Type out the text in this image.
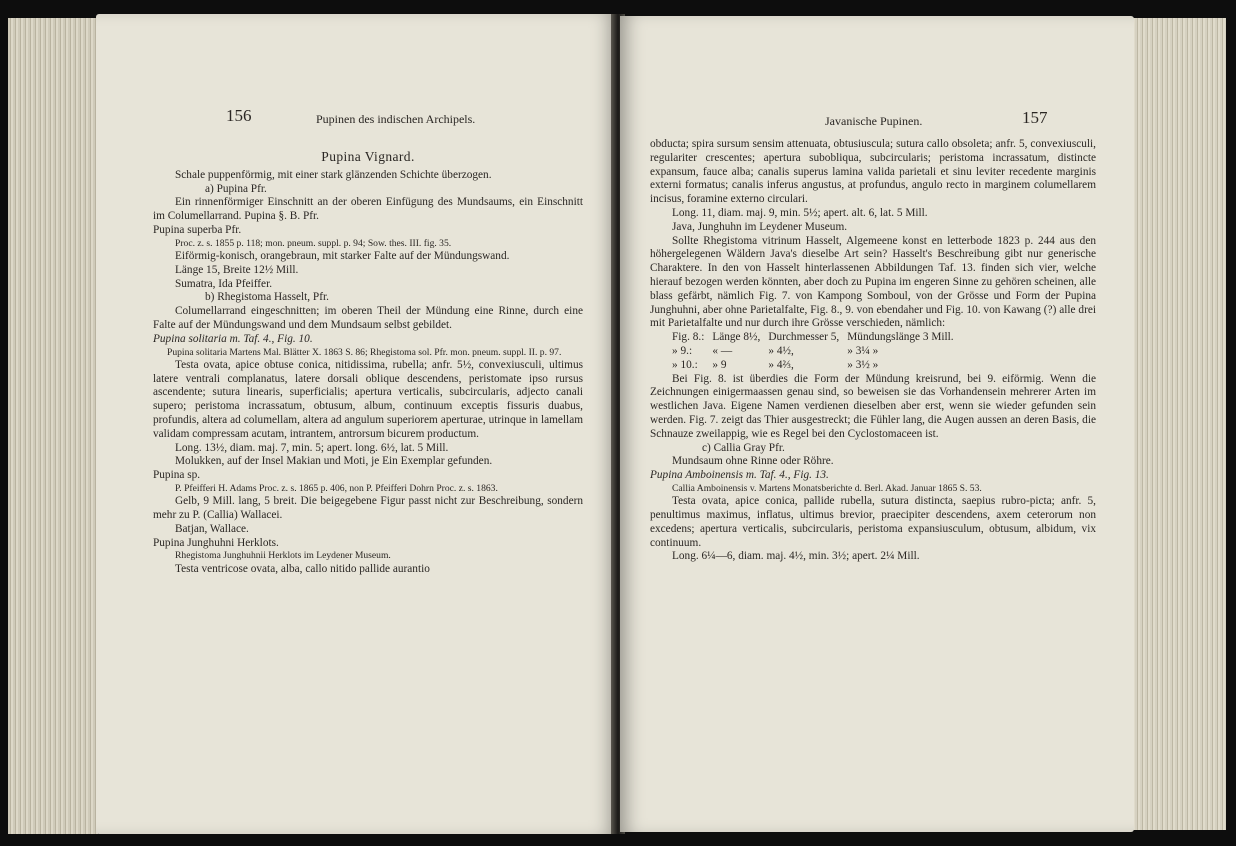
156	Pupinen des indischen Archipels.
Pupina Vignard.

Schale puppenförmig, mit einer stark glänzenden Schichte überzogen.

a) Pupina Pfr.

Ein rinnenförmiger Einschnitt an der oberen Einfügung des Mundsaums, ein Einschnitt im Columellarrand. Pupina §. B. Pfr.

Pupina superba Pfr.

Proc. z. s. 1855 p. 118; mon. pneum. suppl. p. 94; Sow. thes. III. fig. 35.

Eiförmig-konisch, orangebraun, mit starker Falte auf der Mündungswand.

Länge 15, Breite 12½ Mill.

Sumatra, Ida Pfeiffer.

b) Rhegistoma Hasselt, Pfr.

Columellarrand eingeschnitten; im oberen Theil der Mündung eine Rinne, durch eine Falte auf der Mündungswand und dem Mundsaum selbst gebildet.

Pupina solitaria m. Taf. 4., Fig. 10.

Pupina solitaria Martens Mal. Blätter X. 1863 S. 86; Rhegistoma sol. Pfr. mon. pneum. suppl. II. p. 97.

Testa ovata, apice obtuse conica, nitidissima, rubella; anfr. 5½, convexiusculi, ultimus latere ventrali complanatus, latere dorsali oblique descendens, peristomate ipso rursus ascendente; sutura linearis, superficialis; apertura verticalis, subcircularis, adjecto canali supero; peristoma incrassatum, obtusum, album, continuum exceptis fissuris duabus, profundis, altera ad columellam, altera ad angulum superiorem aperturae, utrinque in lamellam validam compressam acutam, intrantem, antrorsum bicurem productum.

Long. 13½, diam. maj. 7, min. 5; apert. long. 6½, lat. 5 Mill.

Molukken, auf der Insel Makian und Moti, je Ein Exemplar gefunden.

Pupina sp.

P. Pfeifferi H. Adams Proc. z. s. 1865 p. 406, non P. Pfeifferi Dohrn Proc. z. s. 1863.

Gelb, 9 Mill. lang, 5 breit. Die beigegebene Figur passt nicht zur Beschreibung, sondern mehr zu P. (Callia) Wallacei.

Batjan, Wallace.

Pupina Junghuhni Herklots.

Rhegistoma Junghuhnii Herklots im Leydener Museum.

Testa ventricose ovata, alba, callo nitido pallide aurantio

Javanische Pupinen.	157

obducta; spira sursum sensim attenuata, obtusiuscula; sutura callo obsoleta; anfr. 5, convexiusculi, regulariter crescentes; apertura subobliqua, subcircularis; peristoma incrassatum, distincte expansum, fauce alba; canalis superus lamina valida parietali et sinu leviter recedente marginis externi formatus; canalis inferus angustus, at profundus, angulo recto in marginem columellarem incisus, foramine externo circulari.

Long. 11, diam. maj. 9, min. 5½; apert. alt. 6, lat. 5 Mill.

Java, Junghuhn im Leydener Museum.

Sollte Rhegistoma vitrinum Hasselt, Algemeene konst en letterbode 1823 p. 244 aus den höhergelegenen Wäldern Java's dieselbe Art sein? Hasselt's Beschreibung gibt nur generische Charaktere. In den von Hasselt hinterlassenen Abbildungen Taf. 13. finden sich vier, welche hierauf bezogen werden könnten, aber doch zu Pupina im engeren Sinne zu gehören scheinen, alle blass gefärbt, nämlich Fig. 7. von Kampong Somboul, von der Grösse und Form der Pupina Junghuhni, aber ohne Parietalfalte, Fig. 8., 9. von ebendaher und Fig. 10. von Kawang (?) alle drei mit Parietalfalte und nur durch ihre Grösse verschieden, nämlich:

Fig. 8.:	Länge 8½,	Durchmesser 5,	Mündungslänge 3 Mill.
» 9.:	« —	» 4½,	» 3¼ »
» 10.:	» 9	» 4⅔,	» 3½ »

Bei Fig. 8. ist überdies die Form der Mündung kreisrund, bei 9. eiförmig. Wenn die Zeichnungen einigermaassen genau sind, so beweisen sie das Vorhandensein mehrerer Arten im westlichen Java. Eigene Namen verdienen dieselben aber erst, wenn sie wieder gefunden sein werden. Fig. 7. zeigt das Thier ausgestreckt; die Fühler lang, die Augen aussen an deren Basis, die Schnauze zweilappig, wie es Regel bei den Cyclostomaceen ist.

c) Callia Gray Pfr.

Mundsaum ohne Rinne oder Röhre.

Pupina Amboinensis m. Taf. 4., Fig. 13.

Callia Amboinensis v. Martens Monatsberichte d. Berl. Akad. Januar 1865 S. 53.

Testa ovata, apice conica, pallide rubella, sutura distincta, saepius rubro-picta; anfr. 5, penultimus maximus, inflatus, ultimus brevior, praecipiter descendens, axem ceterorum non excedens; apertura verticalis, subcircularis, peristoma expansiusculum, obtusum, albidum, vix continuum.

Long. 6¼—6, diam. maj. 4½, min. 3½; apert. 2¼ Mill.
